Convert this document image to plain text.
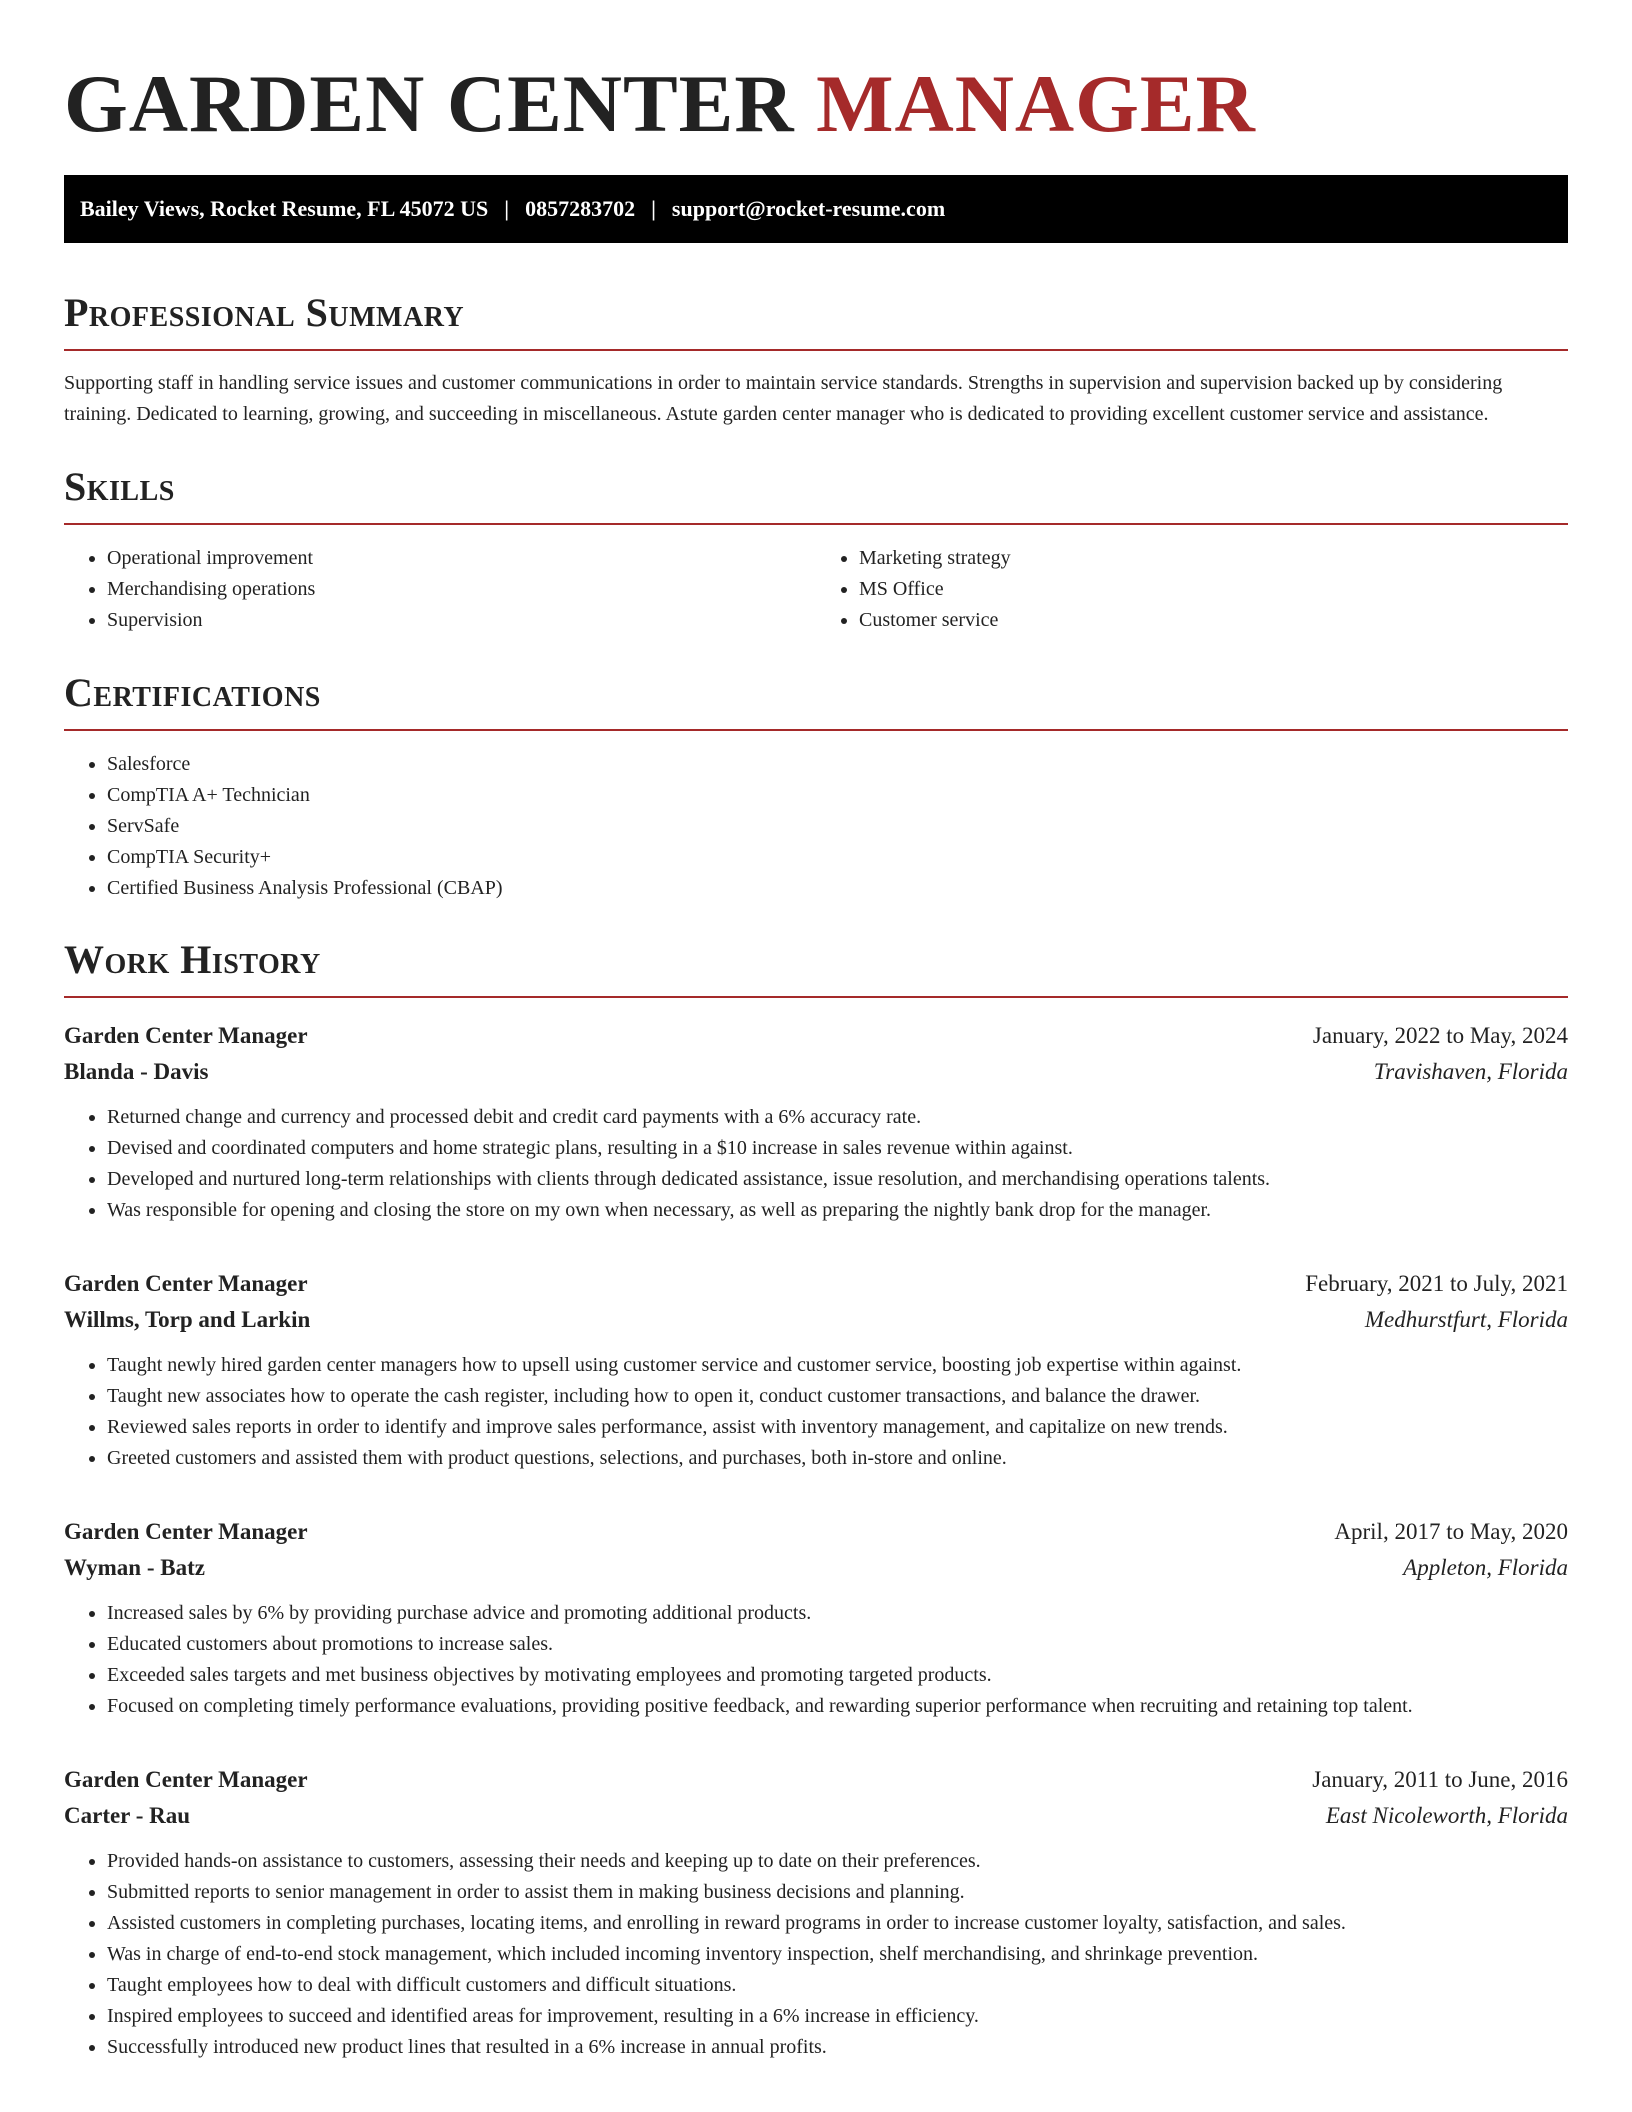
GARDEN CENTER MANAGER
Bailey Views, Rocket Resume, FL 45072 US | 0857283702 | support@rocket-resume.com
Professional Summary

Supporting staff in handling service issues and customer communications in order to maintain service standards. Strengths in supervision and supervision backed up by considering training. Dedicated to learning, growing, and succeeding in miscellaneous. Astute garden center manager who is dedicated to providing excellent customer service and assistance.

Skills
• Operational improvement
• Merchandising operations
• Supervision
• Marketing strategy
• MS Office
• Customer service
Certifications
• Salesforce
• CompTIA A+ Technician
• ServSafe
• CompTIA Security+
• Certified Business Analysis Professional (CBAP)
Work History
Garden Center Manager	January, 2022 to May, 2024
Blanda - Davis	Travishaven, Florida
• Returned change and currency and processed debit and credit card payments with a 6% accuracy rate.
• Devised and coordinated computers and home strategic plans, resulting in a $10 increase in sales revenue within against.
• Developed and nurtured long-term relationships with clients through dedicated assistance, issue resolution, and merchandising operations talents.
• Was responsible for opening and closing the store on my own when necessary, as well as preparing the nightly bank drop for the manager.
Garden Center Manager	February, 2021 to July, 2021
Willms, Torp and Larkin	Medhurstfurt, Florida
• Taught newly hired garden center managers how to upsell using customer service and customer service, boosting job expertise within against.
• Taught new associates how to operate the cash register, including how to open it, conduct customer transactions, and balance the drawer.
• Reviewed sales reports in order to identify and improve sales performance, assist with inventory management, and capitalize on new trends.
• Greeted customers and assisted them with product questions, selections, and purchases, both in-store and online.
Garden Center Manager	April, 2017 to May, 2020
Wyman - Batz	Appleton, Florida
• Increased sales by 6% by providing purchase advice and promoting additional products.
• Educated customers about promotions to increase sales.
• Exceeded sales targets and met business objectives by motivating employees and promoting targeted products.
• Focused on completing timely performance evaluations, providing positive feedback, and rewarding superior performance when recruiting and retaining top talent.
Garden Center Manager	January, 2011 to June, 2016
Carter - Rau	East Nicoleworth, Florida
• Provided hands-on assistance to customers, assessing their needs and keeping up to date on their preferences.
• Submitted reports to senior management in order to assist them in making business decisions and planning.
• Assisted customers in completing purchases, locating items, and enrolling in reward programs in order to increase customer loyalty, satisfaction, and sales.
• Was in charge of end-to-end stock management, which included incoming inventory inspection, shelf merchandising, and shrinkage prevention.
• Taught employees how to deal with difficult customers and difficult situations.
• Inspired employees to succeed and identified areas for improvement, resulting in a 6% increase in efficiency.
• Successfully introduced new product lines that resulted in a 6% increase in annual profits.
